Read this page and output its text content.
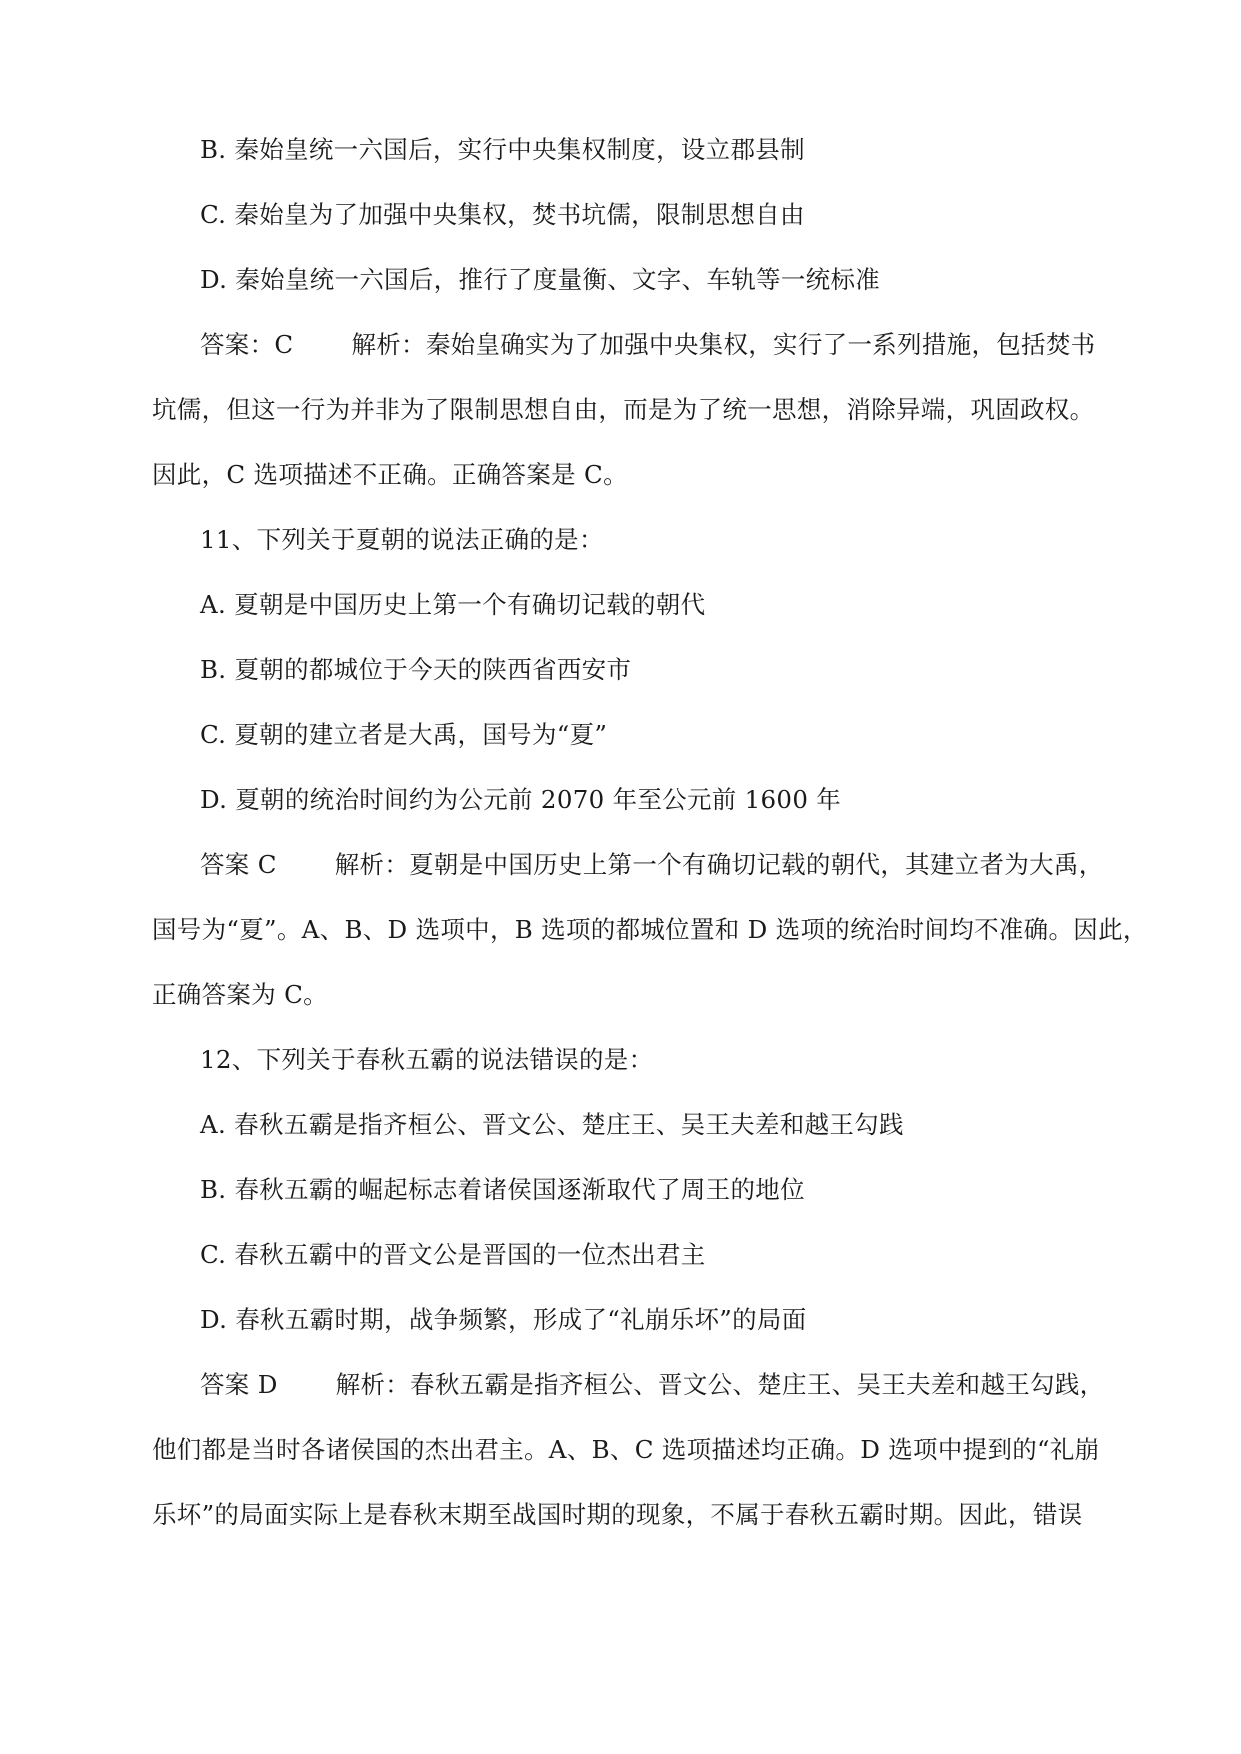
B. 秦始皇统一六国后，实行中央集权制度，设立郡县制
C. 秦始皇为了加强中央集权，焚书坑儒，限制思想自由
D. 秦始皇统一六国后，推行了度量衡、文字、车轨等一统标准
答案：C 解析：秦始皇确实为了加强中央集权，实行了一系列措施，包括焚书
坑儒，但这一行为并非为了限制思想自由，而是为了统一思想，消除异端，巩固政权。
因此，C 选项描述不正确。正确答案是 C。
11、下列关于夏朝的说法正确的是：
A. 夏朝是中国历史上第一个有确切记载的朝代
B. 夏朝的都城位于今天的陕西省西安市
C. 夏朝的建立者是大禹，国号为“夏”
D. 夏朝的统治时间约为公元前 2070 年至公元前 1600 年
答案 C 解析：夏朝是中国历史上第一个有确切记载的朝代，其建立者为大禹，
国号为“夏”。A、B、D 选项中，B 选项的都城位置和 D 选项的统治时间均不准确。因此，
正确答案为 C。
12、下列关于春秋五霸的说法错误的是：
A. 春秋五霸是指齐桓公、晋文公、楚庄王、吴王夫差和越王勾践
B. 春秋五霸的崛起标志着诸侯国逐渐取代了周王的地位
C. 春秋五霸中的晋文公是晋国的一位杰出君主
D. 春秋五霸时期，战争频繁，形成了“礼崩乐坏”的局面
答案 D 解析：春秋五霸是指齐桓公、晋文公、楚庄王、吴王夫差和越王勾践，
他们都是当时各诸侯国的杰出君主。A、B、C 选项描述均正确。D 选项中提到的“礼崩
乐坏”的局面实际上是春秋末期至战国时期的现象，不属于春秋五霸时期。因此，错误
